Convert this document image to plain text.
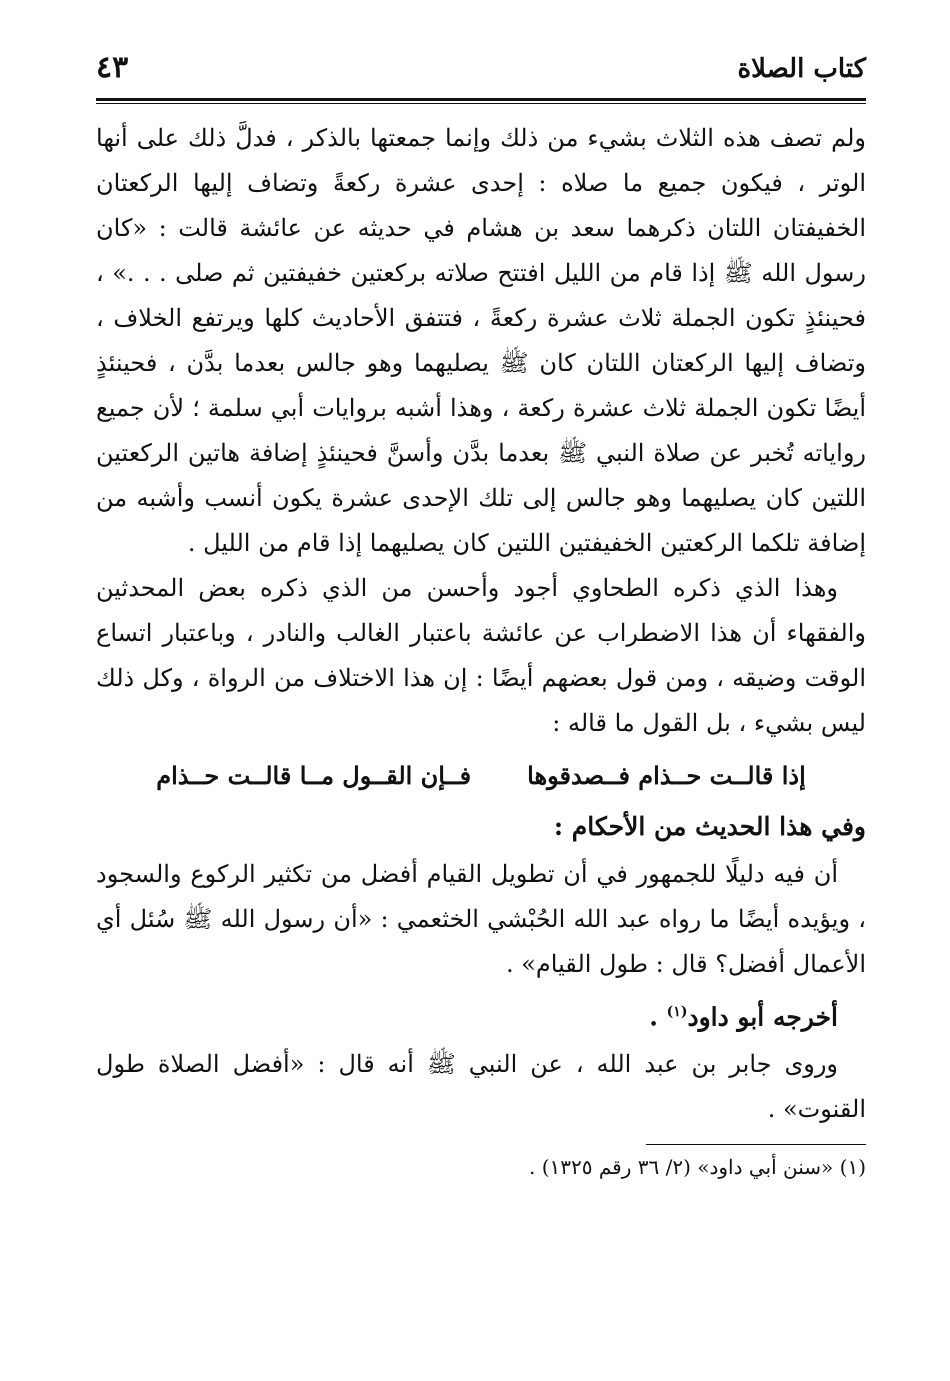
كتاب الصلاة
٤٣

ولم تصف هذه الثلاث بشيء من ذلك وإنما جمعتها بالذكر ، فدلَّ ذلك على أنها الوتر ، فيكون جميع ما صلاه : إحدى عشرة ركعةً وتضاف إليها الركعتان الخفيفتان اللتان ذكرهما سعد بن هشام في حديثه عن عائشة قالت : «كان رسول الله ﷺ إذا قام من الليل افتتح صلاته بركعتين خفيفتين ثم صلى . . .» ، فحينئذٍ تكون الجملة ثلاث عشرة ركعةً ، فتتفق الأحاديث كلها ويرتفع الخلاف ، وتضاف إليها الركعتان اللتان كان ﷺ يصليهما وهو جالس بعدما بدَّن ، فحينئذٍ أيضًا تكون الجملة ثلاث عشرة ركعة ، وهذا أشبه بروايات أبي سلمة ؛ لأن جميع رواياته تُخبر عن صلاة النبي ﷺ بعدما بدَّن وأسنَّ فحينئذٍ إضافة هاتين الركعتين اللتين كان يصليهما وهو جالس إلى تلك الإحدى عشرة يكون أنسب وأشبه من إضافة تلكما الركعتين الخفيفتين اللتين كان يصليهما إذا قام من الليل .

وهذا الذي ذكره الطحاوي أجود وأحسن من الذي ذكره بعض المحدثين والفقهاء أن هذا الاضطراب عن عائشة باعتبار الغالب والنادر ، وباعتبار اتساع الوقت وضيقه ، ومن قول بعضهم أيضًا : إن هذا الاختلاف من الرواة ، وكل ذلك ليس بشيء ، بل القول ما قاله :

إذا قالــت حــذام فــصدقوها
فــإن القــول مــا قالــت حــذام

وفي هذا الحديث من الأحكام :

أن فيه دليلًا للجمهور في أن تطويل القيام أفضل من تكثير الركوع والسجود ، ويؤيده أيضًا ما رواه عبد الله الحُبْشي الخثعمي : «أن رسول الله ﷺ سُئل أي الأعمال أفضل؟ قال : طول القيام» .

أخرجه أبو داود$^{(١)}$ .

وروى جابر بن عبد الله ، عن النبي ﷺ أنه قال : «أفضل الصلاة طول القنوت» .

(١) «سنن أبي داود» (٢/ ٣٦ رقم ١٣٢٥) .
